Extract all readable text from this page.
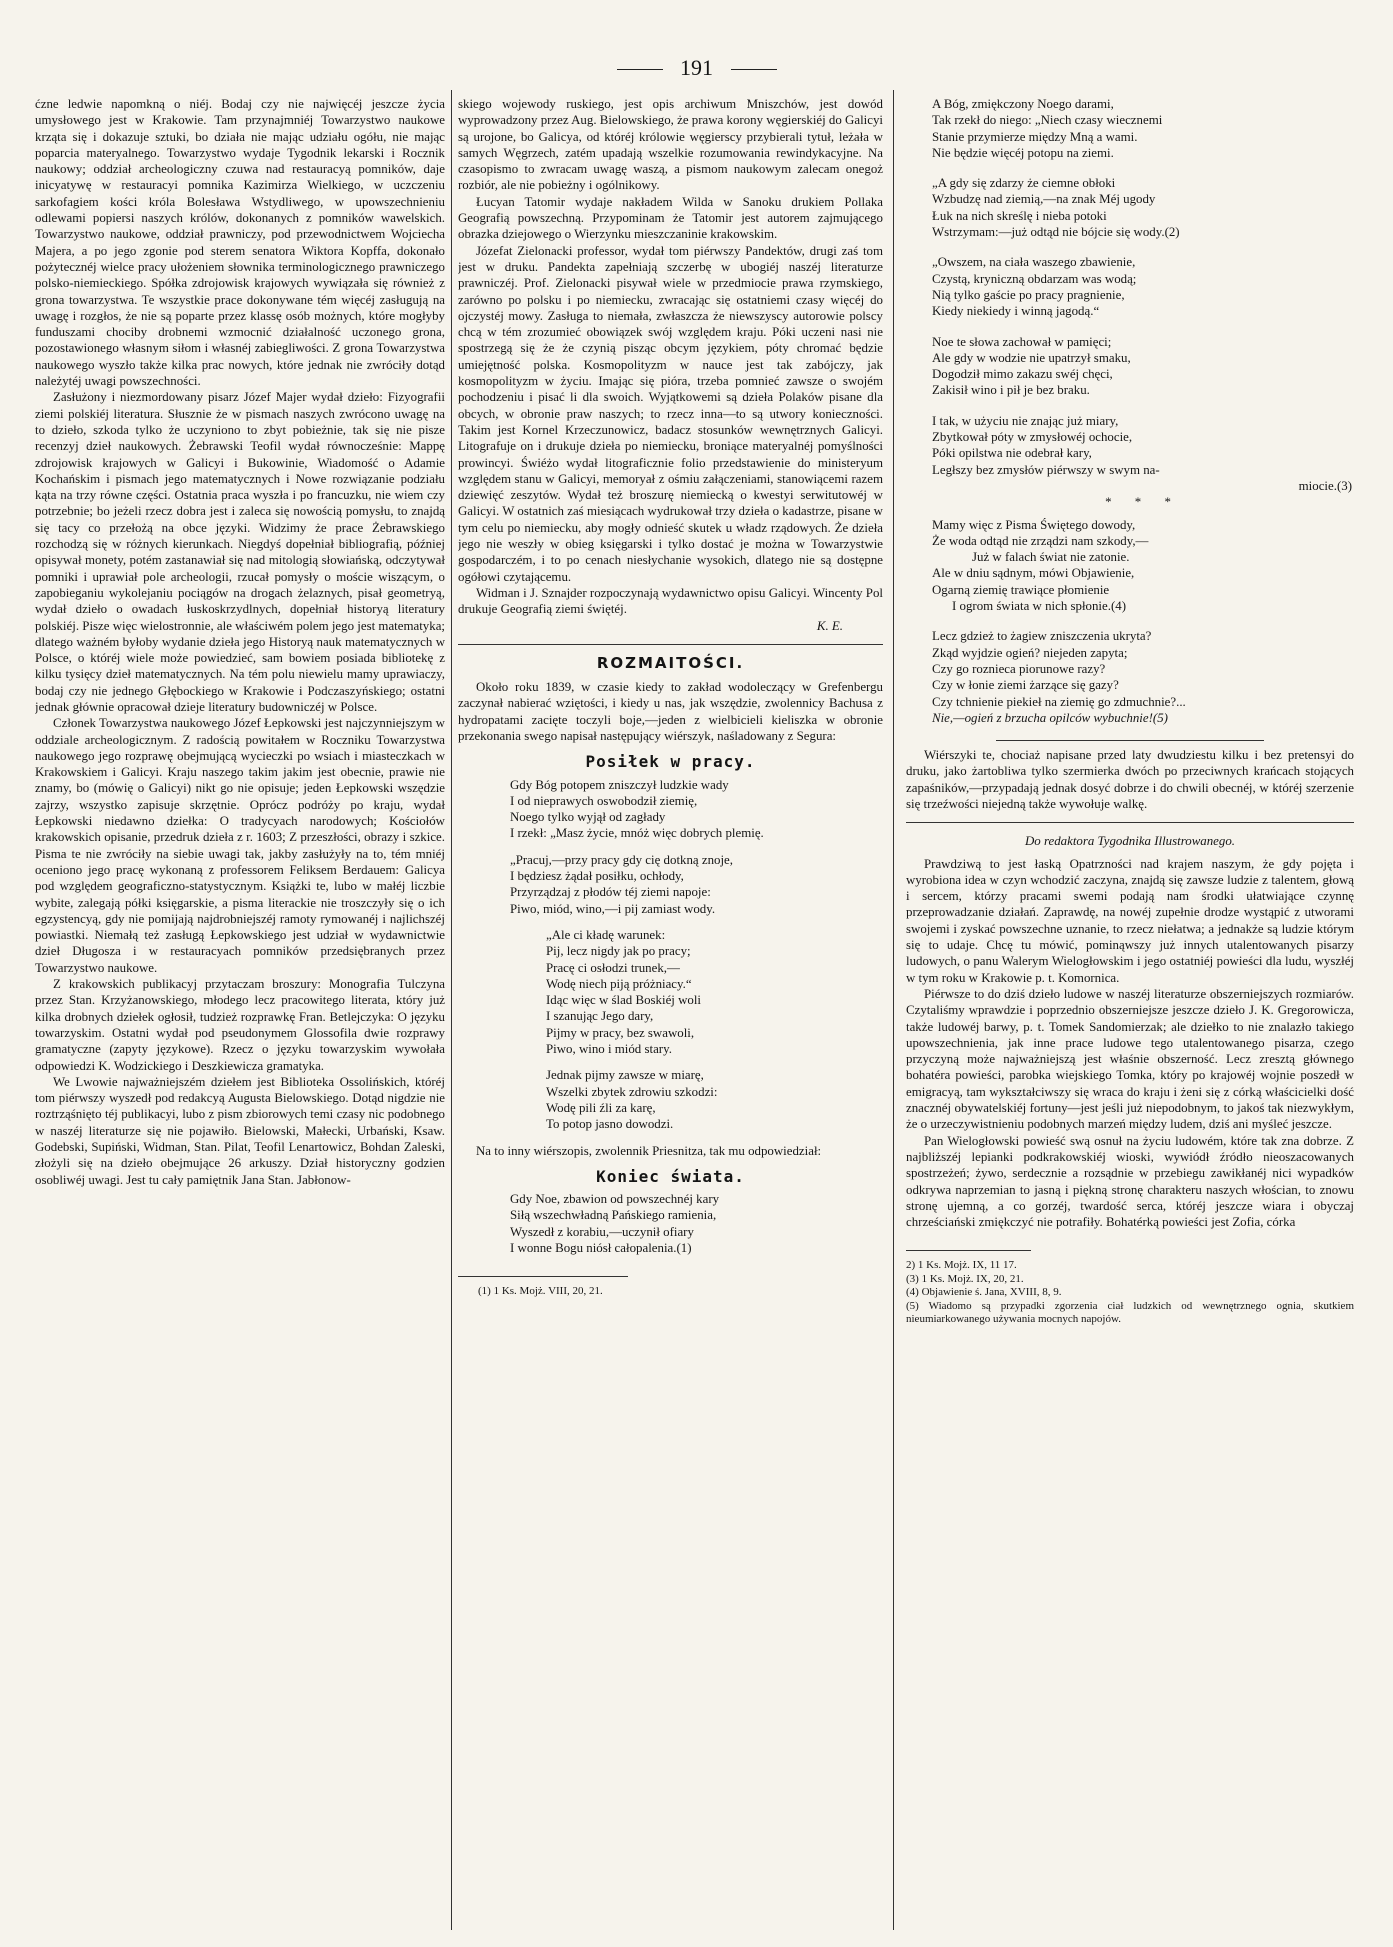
191

ćzne ledwie napomkną o niéj. Bodaj czy nie najwięcéj jeszcze życia umysłowego jest w Krakowie. Tam przynajmniéj Towarzystwo naukowe krząta się i dokazuje sztuki, bo działa nie mając udziału ogółu, nie mając poparcia materyalnego. Towarzystwo wydaje Tygodnik lekarski i Rocznik naukowy; oddział archeologiczny czuwa nad restauracyą pomników, daje inicyatywę w restauracyi pomnika Kazimirza Wielkiego, w uczczeniu sarkofagiem kości króla Bolesława Wstydliwego, w upowszechnieniu odlewami popiersi naszych królów, dokonanych z pomników wawelskich. Towarzystwo naukowe, oddział prawniczy, pod przewodnictwem Wojciecha Majera, a po jego zgonie pod sterem senatora Wiktora Kopffa, dokonało pożytecznéj wielce pracy ułożeniem słownika terminologicznego prawniczego polsko-niemieckiego. Spółka zdrojowisk krajowych wywiązała się również z grona towarzystwa. Te wszystkie prace dokonywane tém więcéj zasługują na uwagę i rozgłos, że nie są poparte przez klassę osób możnych, które mogłyby funduszami chociby drobnemi wzmocnić działalność uczonego grona, pozostawionego własnym siłom i własnéj zabiegliwości. Z grona Towarzystwa naukowego wyszło także kilka prac nowych, które jednak nie zwróciły dotąd należytéj uwagi powszechności.

Zasłużony i niezmordowany pisarz Józef Majer wydał dzieło: Fizyografii ziemi polskiéj literatura. Słusznie że w pismach naszych zwrócono uwagę na to dzieło, szkoda tylko że uczyniono to zbyt pobieżnie, tak się nie pisze recenzyj dzieł naukowych. Żebrawski Teofil wydał równocześnie: Mappę zdrojowisk krajowych w Galicyi i Bukowinie, Wiadomość o Adamie Kochańskim i pismach jego matematycznych i Nowe rozwiązanie podziału kąta na trzy równe części. Ostatnia praca wyszła i po francuzku, nie wiem czy potrzebnie; bo jeżeli rzecz dobra jest i zaleca się nowością pomysłu, to znajdą się tacy co przełożą na obce języki. Widzimy że prace Żebrawskiego rozchodzą się w różnych kierunkach. Niegdyś dopełniał bibliografią, później opisywał monety, potém zastanawiał się nad mitologią słowiańską, odczytywał pomniki i uprawiał pole archeologii, rzucał pomysły o moście wiszącym, o zapobieganiu wykolejaniu pociągów na drogach żelaznych, pisał geometryą, wydał dzieło o owadach łuskoskrzydlnych, dopełniał historyą literatury polskiéj. Pisze więc wielostronnie, ale właściwém polem jego jest matematyka; dlatego ważném byłoby wydanie dzieła jego Historyą nauk matematycznych w Polsce, o któréj wiele może powiedzieć, sam bowiem posiada bibliotekę z kilku tysięcy dzieł matematycznych. Na tém polu niewielu mamy uprawiaczy, bodaj czy nie jednego Głębockiego w Krakowie i Podczaszyńskiego; ostatni jednak głównie opracował dzieje literatury budowniczéj w Polsce.

Członek Towarzystwa naukowego Józef Łepkowski jest najczynniejszym w oddziale archeologicznym. Z radością powitałem w Roczniku Towarzystwa naukowego jego rozprawę obejmującą wycieczki po wsiach i miasteczkach w Krakowskiem i Galicyi. Kraju naszego takim jakim jest obecnie, prawie nie znamy, bo (mówię o Galicyi) nikt go nie opisuje; jeden Łepkowski wszędzie zajrzy, wszystko zapisuje skrzętnie. Oprócz podróży po kraju, wydał Łepkowski niedawno dziełka: O tradycyach narodowych; Kościołów krakowskich opisanie, przedruk dzieła z r. 1603; Z przeszłości, obrazy i szkice. Pisma te nie zwróciły na siebie uwagi tak, jakby zasłużyły na to, tém mniéj oceniono jego pracę wykonaną z professorem Feliksem Berdauem: Galicya pod względem geograficzno-statystycznym. Książki te, lubo w małéj liczbie wybite, zalegają półki księgarskie, a pisma literackie nie troszczyły się o ich egzystencyą, gdy nie pomijają najdrobniejszéj ramoty rymowanéj i najlichszéj powiastki. Niemałą też zasługą Łepkowskiego jest udział w wydawnictwie dzieł Długosza i w restauracyach pomników przedsiębranych przez Towarzystwo naukowe.

Z krakowskich publikacyj przytaczam broszury: Monografia Tulczyna przez Stan. Krzyżanowskiego, młodego lecz pracowitego literata, który już kilka drobnych dziełek ogłosił, tudzież rozprawkę Fran. Betlejczyka: O języku towarzyskim. Ostatni wydał pod pseudonymem Glossofila dwie rozprawy gramatyczne (zapyty językowe). Rzecz o języku towarzyskim wywołała odpowiedzi K. Wodzickiego i Deszkiewicza gramatyka.

We Lwowie najważniejszém dziełem jest Biblioteka Ossolińskich, któréj tom piérwszy wyszedł pod redakcyą Augusta Bielowskiego. Dotąd nigdzie nie roztrząśnięto téj publikacyi, lubo z pism zbiorowych temi czasy nic podobnego w naszéj literaturze się nie pojawiło. Bielowski, Małecki, Urbański, Ksaw. Godebski, Supiński, Widman, Stan. Pilat, Teofil Lenartowicz, Bohdan Zaleski, złożyli się na dzieło obejmujące 26 arkuszy. Dział historyczny godzien osobliwéj uwagi. Jest tu cały pamiętnik Jana Stan. Jabłonow-

skiego wojewody ruskiego, jest opis archiwum Mniszchów, jest dowód wyprowadzony przez Aug. Bielowskiego, że prawa korony węgierskiéj do Galicyi są urojone, bo Galicya, od któréj królowie węgierscy przybierali tytuł, leżała w samych Węgrzech, zatém upadają wszelkie rozumowania rewindykacyjne. Na czasopismo to zwracam uwagę waszą, a pismom naukowym zalecam onegoż rozbiór, ale nie pobieżny i ogólnikowy.

Łucyan Tatomir wydaje nakładem Wilda w Sanoku drukiem Pollaka Geografią powszechną. Przypominam że Tatomir jest autorem zajmującego obrazka dziejowego o Wierzynku mieszczaninie krakowskim.

Józefat Zielonacki professor, wydał tom piérwszy Pandektów, drugi zaś tom jest w druku. Pandekta zapełniają szczerbę w ubogiéj naszéj literaturze prawniczéj. Prof. Zielonacki pisywał wiele w przedmiocie prawa rzymskiego, zarówno po polsku i po niemiecku, zwracając się ostatniemi czasy więcéj do ojczystéj mowy. Zasługa to niemała, zwłaszcza że niewszyscy autorowie polscy chcą w tém zrozumieć obowiązek swój względem kraju. Póki uczeni nasi nie spostrzegą się że że czynią pisząc obcym językiem, póty chromać będzie umiejętność polska. Kosmopolityzm w nauce jest tak zabójczy, jak kosmopolityzm w życiu. Imając się pióra, trzeba pomnieć zawsze o swojém pochodzeniu i pisać li dla swoich. Wyjątkowemi są dzieła Polaków pisane dla obcych, w obronie praw naszych; to rzecz inna—to są utwory konieczności. Takim jest Kornel Krzeczunowicz, badacz stosunków wewnętrznych Galicyi. Litografuje on i drukuje dzieła po niemiecku, broniące materyalnéj pomyślności prowincyi. Świéżo wydał litograficznie folio przedstawienie do ministeryum względem stanu w Galicyi, memoryał z ośmiu załączeniami, stanowiącemi razem dziewięć zeszytów. Wydał też broszurę niemiecką o kwestyi serwitutowéj w Galicyi. W ostatnich zaś miesiącach wydrukował trzy dzieła o kadastrze, pisane w tym celu po niemiecku, aby mogły odnieść skutek u władz rządowych. Że dzieła jego nie weszły w obieg księgarski i tylko dostać je można w Towarzystwie gospodarczém, i to po cenach niesłychanie wysokich, dlatego nie są dostępne ogółowi czytającemu.

Widman i J. Sznajder rozpoczynają wydawnictwo opisu Galicyi. Wincenty Pol drukuje Geografią ziemi świętéj.

K. E.
ROZMAITOŚCI.

Około roku 1839, w czasie kiedy to zakład wodoleczący w Grefenbergu zaczynał nabierać wziętości, i kiedy u nas, jak wszędzie, zwolennicy Bachusa z hydropatami zacięte toczyli boje,—jeden z wielbicieli kieliszka w obronie przekonania swego napisał następujący wiérszyk, naśladowany z Segura:

Posiłek w pracy.
Gdy Bóg potopem zniszczył ludzkie wady
I od nieprawych oswobodził ziemię,
Noego tylko wyjął od zagłady
I rzekł: „Masz życie, mnóż więc dobrych plemię.
„Pracuj,—przy pracy gdy cię dotkną znoje,
I będziesz żądał posiłku, ochłody,
Przyrządzaj z płodów téj ziemi napoje:
Piwo, miód, wino,—i pij zamiast wody.
„Ale ci kładę warunek:
Pij, lecz nigdy jak po pracy;
Pracę ci osłodzi trunek,—
Wodę niech piją próżniacy.“
Idąc więc w ślad Boskiéj woli
I szanując Jego dary,
Pijmy w pracy, bez swawoli,
Piwo, wino i miód stary.
Jednak pijmy zawsze w miarę,
Wszelki zbytek zdrowiu szkodzi:
Wodę pili źli za karę,
To potop jasno dowodzi.

Na to inny wiérszopis, zwolennik Priesnitza, tak mu odpowiedział:

Koniec świata.
Gdy Noe, zbawion od powszechnéj kary
Siłą wszechwładną Pańskiego ramienia,
Wyszedł z korabiu,—uczynił ofiary
I wonne Bogu niósł całopalenia.(1)
(1) 1 Ks. Mojż. VIII, 20, 21.
A Bóg, zmiękczony Noego darami,
Tak rzekł do niego: „Niech czasy wiecznemi
Stanie przymierze między Mną a wami.
Nie będzie więcéj potopu na ziemi.
„A gdy się zdarzy że ciemne obłoki
Wzbudzę nad ziemią,—na znak Méj ugody
Łuk na nich skreślę i nieba potoki
Wstrzymam:—już odtąd nie bójcie się wody.(2)
„Owszem, na ciała waszego zbawienie,
Czystą, kryniczną obdarzam was wodą;
Nią tylko gaście po pracy pragnienie,
Kiedy niekiedy i winną jagodą.“
Noe te słowa zachował w pamięci;
Ale gdy w wodzie nie upatrzył smaku,
Dogodził mimo zakazu swéj chęci,
Zakisił wino i pił je bez braku.
I tak, w użyciu nie znając już miary,
Zbytkował póty w zmysłowéj ochocie,
Póki opilstwa nie odebrał kary,
Ległszy bez zmysłów piérwszy w swym na-
miocie.(3)
* * *
Mamy więc z Pisma Świętego dowody,
Że woda odtąd nie zrządzi nam szkody,—
Już w falach świat nie zatonie.
Ale w dniu sądnym, mówi Objawienie,
Ogarną ziemię trawiące płomienie
I ogrom świata w nich spłonie.(4)
Lecz gdzież to żagiew zniszczenia ukryta?
Zkąd wyjdzie ogień? niejeden zapyta;
Czy go roznieca piorunowe razy?
Czy w łonie ziemi żarzące się gazy?
Czy tchnienie piekieł na ziemię go zdmuchnie?...
Nie,—ogień z brzucha opilców wybuchnie!(5)

Wiérszyki te, chociaż napisane przed laty dwudziestu kilku i bez pretensyi do druku, jako żartobliwa tylko szermierka dwóch po przeciwnych krańcach stojących zapaśników,—przypadają jednak dosyć dobrze i do chwili obecnéj, w któréj szerzenie się trzeźwości niejedną także wywołuje walkę.

Do redaktora Tygodnika Illustrowanego.

Prawdziwą to jest łaską Opatrzności nad krajem naszym, że gdy pojęta i wyrobiona idea w czyn wchodzić zaczyna, znajdą się zawsze ludzie z talentem, głową i sercem, którzy pracami swemi podają nam środki ułatwiające czynnę przeprowadzanie działań. Zaprawdę, na nowéj zupełnie drodze wystąpić z utworami swojemi i zyskać powszechne uznanie, to rzecz niełatwa; a jednakże są ludzie którym się to udaje. Chcę tu mówić, pominąwszy już innych utalentowanych pisarzy ludowych, o panu Walerym Wielogłowskim i jego ostatniéj powieści dla ludu, wyszłéj w tym roku w Krakowie p. t. Komornica.

Piérwsze to do dziś dzieło ludowe w naszéj literaturze obszerniejszych rozmiarów. Czytaliśmy wprawdzie i poprzednio obszerniejsze jeszcze dzieło J. K. Gregorowicza, także ludowéj barwy, p. t. Tomek Sandomierzak; ale dziełko to nie znalazło takiego upowszechnienia, jak inne prace ludowe tego utalentowanego pisarza, czego przyczyną może najważniejszą jest właśnie obszerność. Lecz zresztą głównego bohatéra powieści, parobka wiejskiego Tomka, który po krajowéj wojnie poszedł w emigracyą, tam wykształciwszy się wraca do kraju i żeni się z córką właścicielki dość znacznéj obywatelskiéj fortuny—jest jeśli już niepodobnym, to jakoś tak niezwykłym, że o urzeczywistnieniu podobnych marzeń między ludem, dziś ani myśleć jeszcze.

Pan Wielogłowski powieść swą osnuł na życiu ludowém, które tak zna dobrze. Z najbliższéj lepianki podkrakowskiéj wioski, wywiódł źródło nieoszacowanych spostrzeżeń; żywo, serdecznie a rozsądnie w przebiegu zawikłanéj nici wypadków odkrywa naprzemian to jasną i piękną stronę charakteru naszych włościan, to znowu stronę ujemną, a co gorzéj, twardość serca, któréj jeszcze wiara i obyczaj chrześciański zmiękczyć nie potrafiły. Bohatérką powieści jest Zofia, córka

2) 1 Ks. Mojż. IX, 11 17.
(3) 1 Ks. Mojż. IX, 20, 21.
(4) Objawienie ś. Jana, XVIII, 8, 9.
(5) Wiadomo są przypadki zgorzenia ciał ludzkich od wewnętrznego ognia, skutkiem nieumiarkowanego używania mocnych napojów.
